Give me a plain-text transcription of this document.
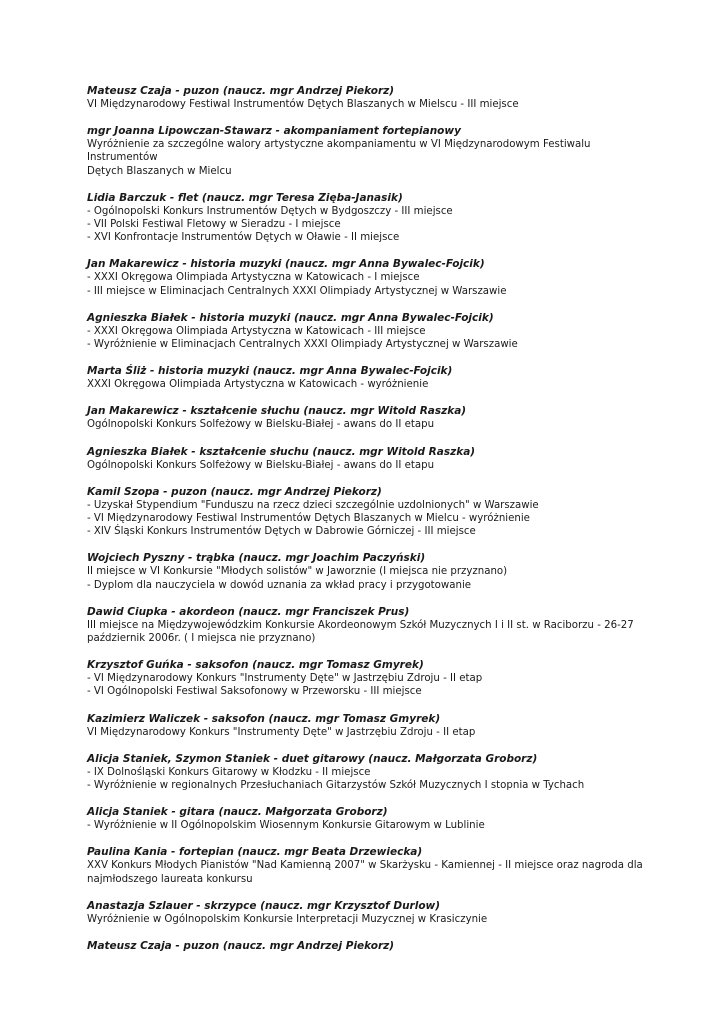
Mateusz Czaja - puzon (naucz. mgr Andrzej Piekorz)

VI Międzynarodowy Festiwal Instrumentów Dętych Blaszanych w Mielscu - III miejsce

mgr Joanna Lipowczan-Stawarz - akompaniament fortepianowy

Wyróżnienie za szczególne walory artystyczne akompaniamentu w VI Międzynarodowym Festiwalu Instrumentów

Dętych Blaszanych w Mielcu

Lidia Barczuk - flet (naucz. mgr Teresa Zięba-Janasik)

- Ogólnopolski Konkurs Instrumentów Dętych w Bydgoszczy - III miejsce

- VII Polski Festiwal Fletowy w Sieradzu - I miejsce

- XVI Konfrontacje Instrumentów Dętych w Oławie - II miejsce

Jan Makarewicz - historia muzyki (naucz. mgr Anna Bywalec-Fojcik)

- XXXI Okręgowa Olimpiada Artystyczna w Katowicach - I miejsce

- III miejsce w Eliminacjach Centralnych XXXI Olimpiady Artystycznej w Warszawie

Agnieszka Białek - historia muzyki (naucz. mgr Anna Bywalec-Fojcik)

- XXXI Okręgowa Olimpiada Artystyczna w Katowicach - III miejsce

- Wyróżnienie w Eliminacjach Centralnych XXXI Olimpiady Artystycznej w Warszawie

Marta Śliż - historia muzyki (naucz. mgr Anna Bywalec-Fojcik)

XXXI Okręgowa Olimpiada Artystyczna w Katowicach - wyróżnienie

Jan Makarewicz - kształcenie słuchu (naucz. mgr Witold Raszka)

Ogólnopolski Konkurs Solfeżowy w Bielsku-Białej - awans do II etapu

Agnieszka Białek - kształcenie słuchu (naucz. mgr Witold Raszka)

Ogólnopolski Konkurs Solfeżowy w Bielsku-Białej - awans do II etapu

Kamil Szopa - puzon (naucz. mgr Andrzej Piekorz)

- Uzyskał Stypendium "Funduszu na rzecz dzieci szczególnie uzdolnionych" w Warszawie

- VI Międzynarodowy Festiwal Instrumentów Dętych Blaszanych w Mielcu - wyróżnienie

- XIV Śląski Konkurs Instrumentów Dętych w Dabrowie Górniczej - III miejsce

Wojciech Pyszny - trąbka (naucz. mgr Joachim Paczyński)

II miejsce w VI Konkursie "Młodych solistów" w Jaworznie (I miejsca nie przyznano)

- Dyplom dla nauczyciela w dowód uznania za wkład pracy i przygotowanie

Dawid Ciupka - akordeon (naucz. mgr Franciszek Prus)

III miejsce na Międzywojewódzkim Konkursie Akordeonowym Szkół Muzycznych I i II st. w Raciborzu - 26-27

październik 2006r. ( I miejsca nie przyznano)

Krzysztof Guńka - saksofon (naucz. mgr Tomasz Gmyrek)

- VI Międzynarodowy Konkurs "Instrumenty Dęte" w Jastrzębiu Zdroju - II etap

- VI Ogólnopolski Festiwal Saksofonowy w Przeworsku - III miejsce

Kazimierz Waliczek - saksofon (naucz. mgr Tomasz Gmyrek)

VI Międzynarodowy Konkurs "Instrumenty Dęte" w Jastrzębiu Zdroju - II etap

Alicja Staniek, Szymon Staniek - duet gitarowy (naucz. Małgorzata Groborz)

- IX Dolnośląski Konkurs Gitarowy w Kłodzku - II miejsce

- Wyróżnienie w regionalnych Przesłuchaniach Gitarzystów Szkół Muzycznych I stopnia w Tychach

Alicja Staniek - gitara (naucz. Małgorzata Groborz)

- Wyróżnienie w II Ogólnopolskim Wiosennym Konkursie Gitarowym w Lublinie

Paulina Kania - fortepian (naucz. mgr Beata Drzewiecka)

XXV Konkurs Młodych Pianistów "Nad Kamienną 2007" w Skarżysku - Kamiennej - II miejsce oraz nagroda dla

najmłodszego laureata konkursu

Anastazja Szlauer - skrzypce (naucz. mgr Krzysztof Durlow)

Wyróżnienie w Ogólnopolskim Konkursie Interpretacji Muzycznej w Krasiczynie

Mateusz Czaja - puzon (naucz. mgr Andrzej Piekorz)
